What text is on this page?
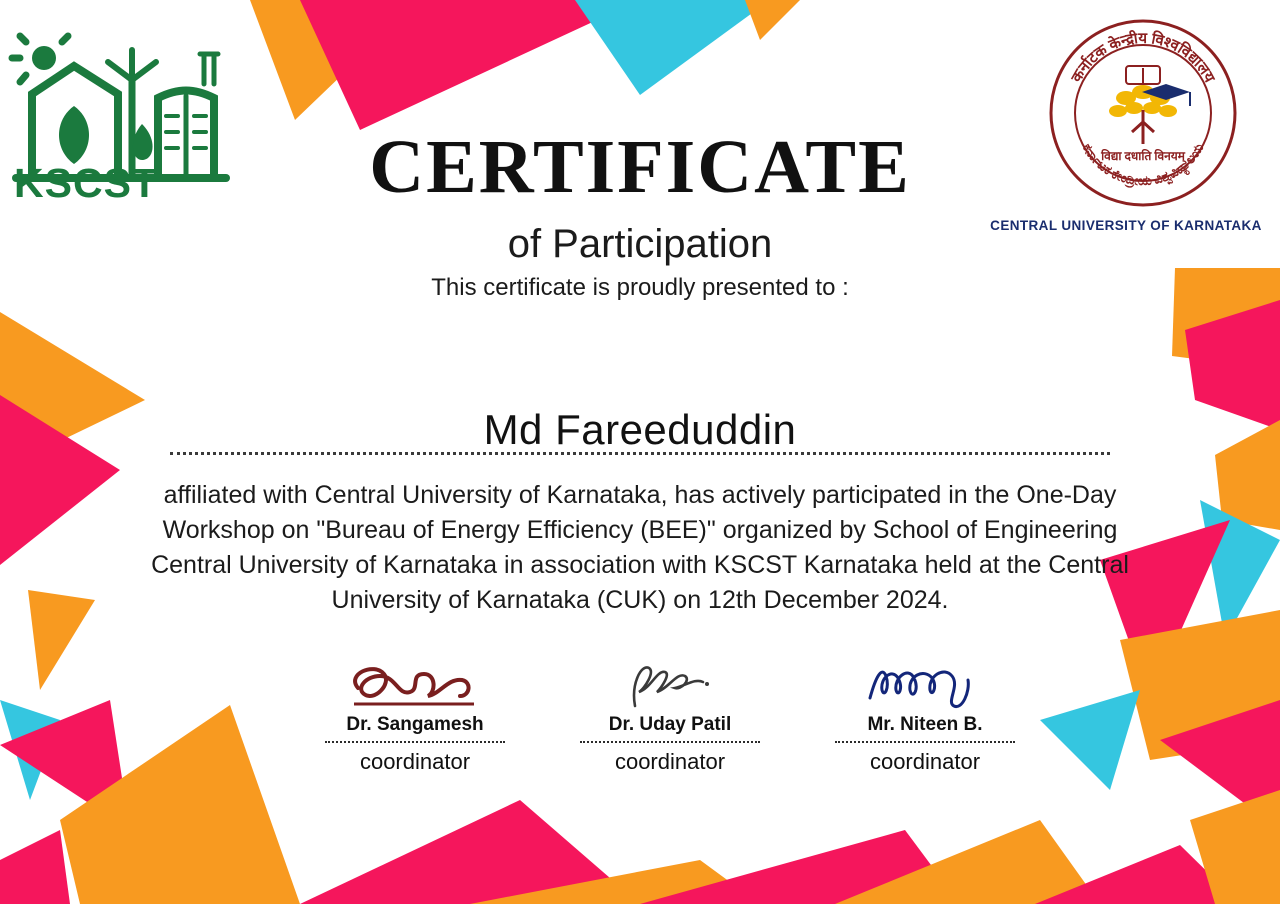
KSCST
कर्नाटक केन्द्रीय विश्वविद्यालय
ಕರ್ನಾಟಕ ಕೇಂದ್ರೀಯ ವಿಶ್ವವಿದ್ಯಾಲಯ
विद्या दधाति विनयम्
CENTRAL UNIVERSITY OF KARNATAKA
CERTIFICATE
of Participation
This certificate is proudly presented to :
Md Fareeduddin
affiliated with Central University of Karnataka, has actively participated in the One-Day Workshop on "Bureau of Energy Efficiency (BEE)" organized by School of Engineering Central University of Karnataka in association with KSCST Karnataka held at the Central University of Karnataka (CUK) on 12th December 2024.
Dr. Sangamesh
coordinator
Dr. Uday Patil
coordinator
Mr. Niteen B.
coordinator
